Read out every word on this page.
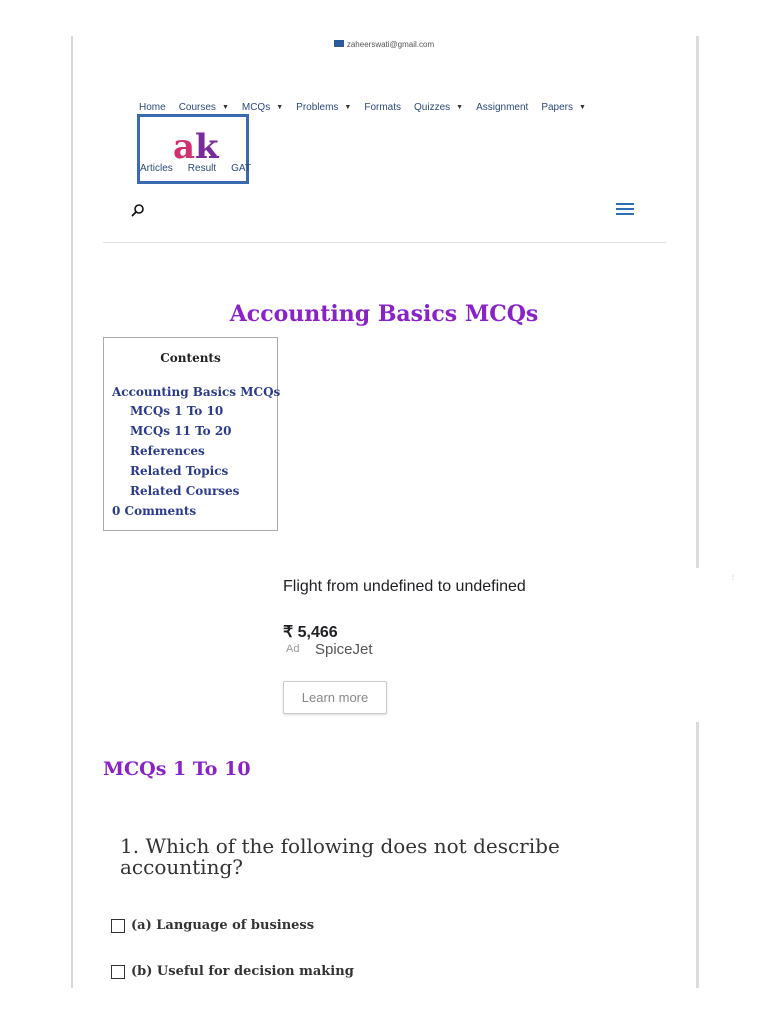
zaheerswati@gmail.com
Home Courses ▼ MCQs ▼ Problems ▼ Formats Quizzes ▼ Assignment Papers ▼
ak
Articles Result GAT
Accounting Basics MCQs
Contents
Accounting Basics MCQs
MCQs 1 To 10
MCQs 11 To 20
References
Related Topics
Related Courses
0 Comments
Flight from undefined to undefined
₹ 5,466
Ad SpiceJet
Learn more
⋮
MCQs 1 To 10
1. Which of the following does not describe accounting?
(a) Language of business
(b) Useful for decision making
